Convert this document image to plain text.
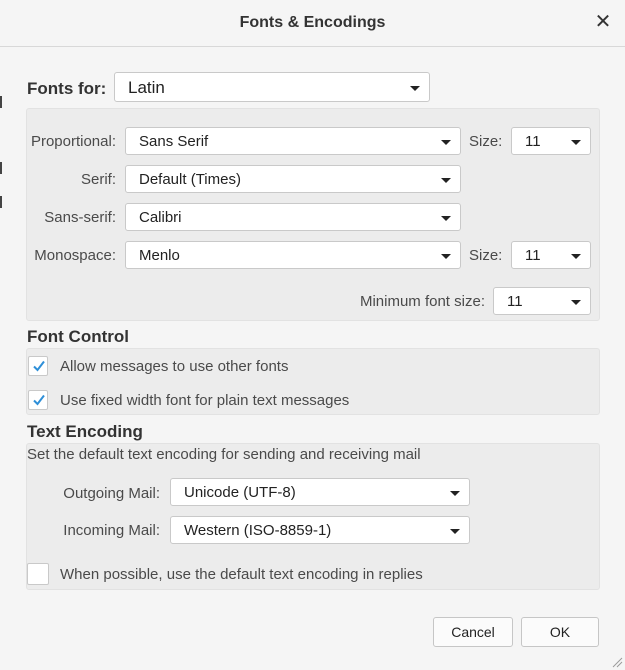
Fonts & Encodings	✕
Fonts for: Latin
Proportional: Sans Serif	Size: 11
Serif: Default (Times)
Sans-serif: Calibri
Monospace: Menlo	Size: 11
Minimum font size: 11
Font Control
Allow messages to use other fonts
Use fixed width font for plain text messages
Text Encoding
Set the default text encoding for sending and receiving mail
Outgoing Mail: Unicode (UTF-8)
Incoming Mail: Western (ISO-8859-1)
When possible, use the default text encoding in replies
Cancel	OK
